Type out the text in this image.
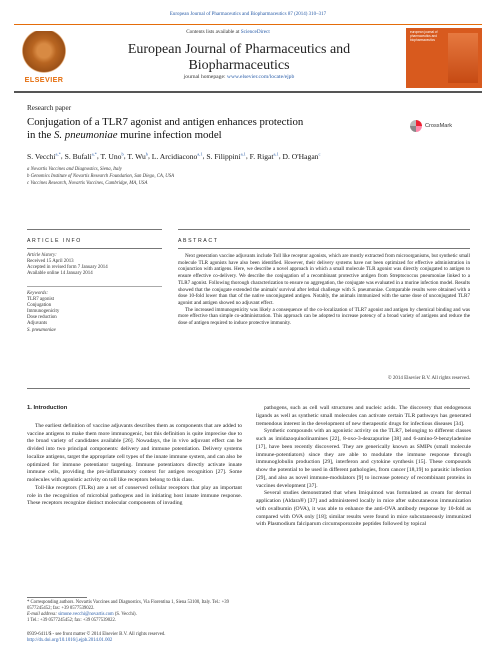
European Journal of Pharmaceutics and Biopharmaceutics 87 (2014) 310–317
ELSEVIER
Contents lists available at ScienceDirect
European Journal of Pharmaceutics and Biopharmaceutics
journal homepage: www.elsevier.com/locate/ejpb
european journal of pharmaceutics and biopharmaceutics
Research paper
Conjugation of a TLR7 agonist and antigen enhances protection
in the S. pneumoniae murine infection model
CrossMark
S. Vecchi$^{a,*}$, S. Bufali$^{a,*}$, T. Uno$^b$, T. Wu$^b$, L. Arcidiacono$^{a,1}$, S. Filippini$^{a,1}$, F. Rigat$^{a,1}$, D. O'Hagan$^c$
a Novartis Vaccines and Diagnostics, Siena, Italy
b Genomics Institute of Novartis Research Foundation, San Diego, CA, USA
c Vaccines Research, Novartis Vaccines, Cambridge, MA, USA
ARTICLE INFO	ABSTRACT
Article history:
Received 15 April 2013
Accepted in revised form 7 January 2014
Available online 14 January 2014
Keywords:
TLR7 agonist
Conjugation
Immunogenicity
Dose reduction
Adjuvants
S. pneumoniae

Next generation vaccine adjuvants include Toll like receptor agonists, which are mostly extracted from microorganisms, but synthetic small molecule TLR agonists have also been identified. However, their delivery systems have not been optimized for effective administration in conjunction with antigens. Here, we describe a novel approach in which a small molecule TLR agonist was directly conjugated to antigen to ensure effective co-delivery. We describe the conjugation of a recombinant protective antigen from Streptococcus pneumoniae linked to a TLR7 agonist. Following thorough characterization to ensure no aggregation, the conjugate was evaluated in a murine infection model. Results showed that the conjugate extended the animals' survival after lethal challenge with S. pneumoniae. Comparable results were obtained with a dose 10-fold lower than that of the native unconjugated antigen. Notably, the animals immunized with the same dose of unconjugated TLR7 agonist and antigen showed no adjuvant effect.

The increased immunogenicity was likely a consequence of the co-localization of TLR7 agonist and antigen by chemical binding and was more effective than simple co-administration. This approach can be adopted to increase potency of a broad variety of antigens and reduce the dose of antigen required to induce protective immunity.

© 2014 Elsevier B.V. All rights reserved.

1. Introduction

The earliest definition of vaccine adjuvants describes them as components that are added to vaccine antigens to make them more immunogenic, but this definition is quite imprecise due to the broad variety of candidates available [26]. Nowadays, the in vivo adjuvant effect can be divided into two principal components: delivery and immune potentiation. Delivery systems localize antigens, target the appropriate cell types of the innate immune system, and can also be optimized for immune potentiator targeting. Immune potentiators directly activate innate immune cells, providing the pro-inflammatory context for antigen recognition [27]. Some molecules with agonistic activity on toll like receptors belong to this class.

Toll-like receptors (TLRs) are a set of conserved cellular receptors that play an important role in the recognition of microbial pathogens and in initiating host innate immune response. These receptors recognize distinct molecular components of invading

pathogens, such as cell wall structures and nucleic acids. The discovery that endogenous ligands as well as synthetic small molecules can activate certain TLR pathways has generated tremendous interest in the development of new therapeutic drugs for infectious diseases [34].

Synthetic compounds with an agonistic activity on the TLR7, belonging to different classes such as imidazoquinolinamines [22], 8-oxo-3-deazapurine [38] and 6-amino-9-benzyladenine [17], have been recently discovered. They are generically known as SMIPs (small molecule immune-potentiators) since they are able to modulate the immune response through immunoglobulin production [29], interferon and cytokine synthesis [15]. These compounds show the potential to be used in different pathologies, from cancer [18,19] to parasitic infection [29], and also as novel immune-modulators [9] to increase potency of recombinant proteins in vaccines development [37].

Several studies demonstrated that when Imiquimod was formulated as cream for dermal application (Aldara®) [37] and administered locally in mice after subcutaneous immunization with ovalbumin (OVA), it was able to enhance the anti-OVA antibody response by 10-fold as compared with OVA only [18]; similar results were found in mice subcutaneously immunized with Plasmodium falciparum circumsporozoite peptides followed by topical

* Corresponding authors. Novartis Vaccines and Diagnostics, Via Fiorentina 1, Siena 53100, Italy. Tel.: +39 0577245452; fax: +39 0577539022.
E-mail address: simone.vecchi@novartis.com (S. Vecchi).
1 Tel.: +39 0577245452; fax: +39 0577539022.
0939-6411/$ - see front matter © 2014 Elsevier B.V. All rights reserved.
http://dx.doi.org/10.1016/j.ejpb.2014.01.002
